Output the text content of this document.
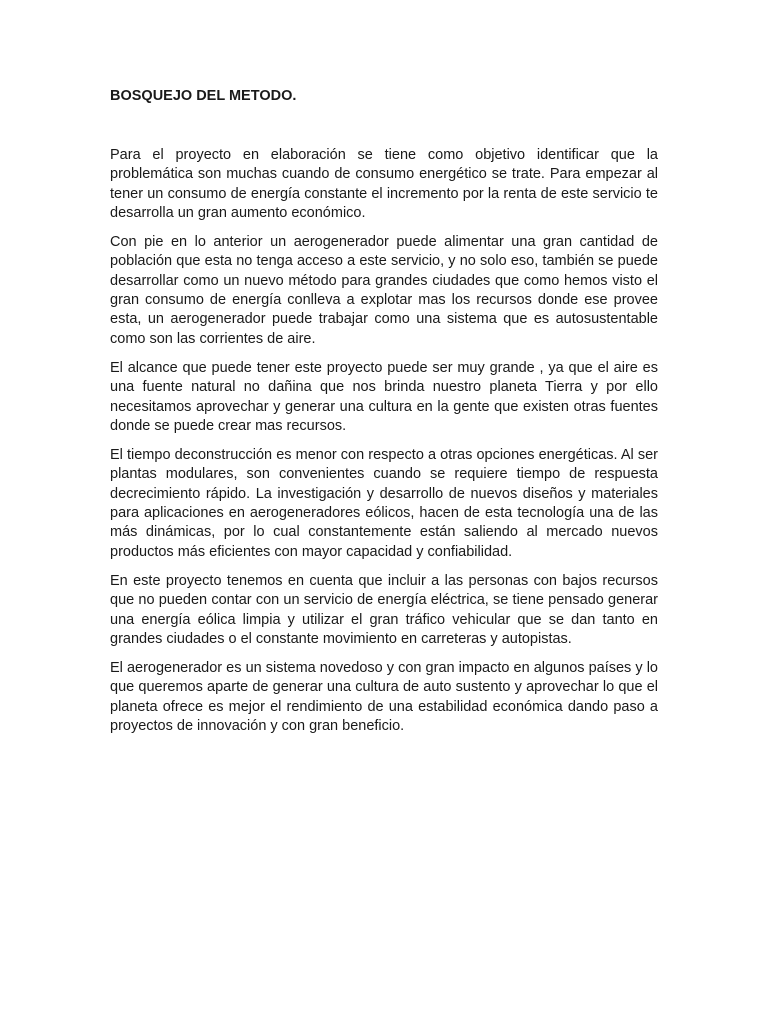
BOSQUEJO DEL METODO.

Para el proyecto en elaboración se tiene como objetivo identificar que la problemática son muchas cuando de consumo energético se trate. Para empezar al tener un consumo de energía constante el incremento por la renta de este servicio te desarrolla un gran aumento económico.

Con pie en lo anterior un aerogenerador puede alimentar una gran cantidad de población que esta no tenga acceso a este servicio, y no solo eso, también se puede desarrollar como un nuevo método para grandes ciudades que como hemos visto el gran consumo de energía conlleva a explotar mas los recursos donde ese provee esta, un aerogenerador puede trabajar como una sistema que es autosustentable como son las corrientes de aire.

El alcance que puede tener este proyecto puede ser muy grande , ya que el aire es una fuente natural no dañina que nos brinda nuestro planeta Tierra y por ello necesitamos aprovechar y generar una cultura en la gente que existen otras fuentes donde se puede crear mas recursos.

El tiempo deconstrucción es menor con respecto a otras opciones energéticas. Al ser plantas modulares, son convenientes cuando se requiere tiempo de respuesta decrecimiento rápido. La investigación y desarrollo de nuevos diseños y materiales para aplicaciones en aerogeneradores eólicos, hacen de esta tecnología una de las más dinámicas, por lo cual constantemente están saliendo al mercado nuevos productos más eficientes con mayor capacidad y confiabilidad.

En este proyecto tenemos en cuenta que incluir a las personas con bajos recursos que no pueden contar con un servicio de energía eléctrica, se tiene pensado generar una energía eólica limpia y utilizar el gran tráfico vehicular que se dan tanto en grandes ciudades o el constante movimiento en carreteras y autopistas.

El aerogenerador es un sistema novedoso y con gran impacto en algunos países y lo que queremos aparte de generar una cultura de auto sustento y aprovechar lo que el planeta ofrece es mejor el rendimiento de una estabilidad económica dando paso a proyectos de innovación y con gran beneficio.
